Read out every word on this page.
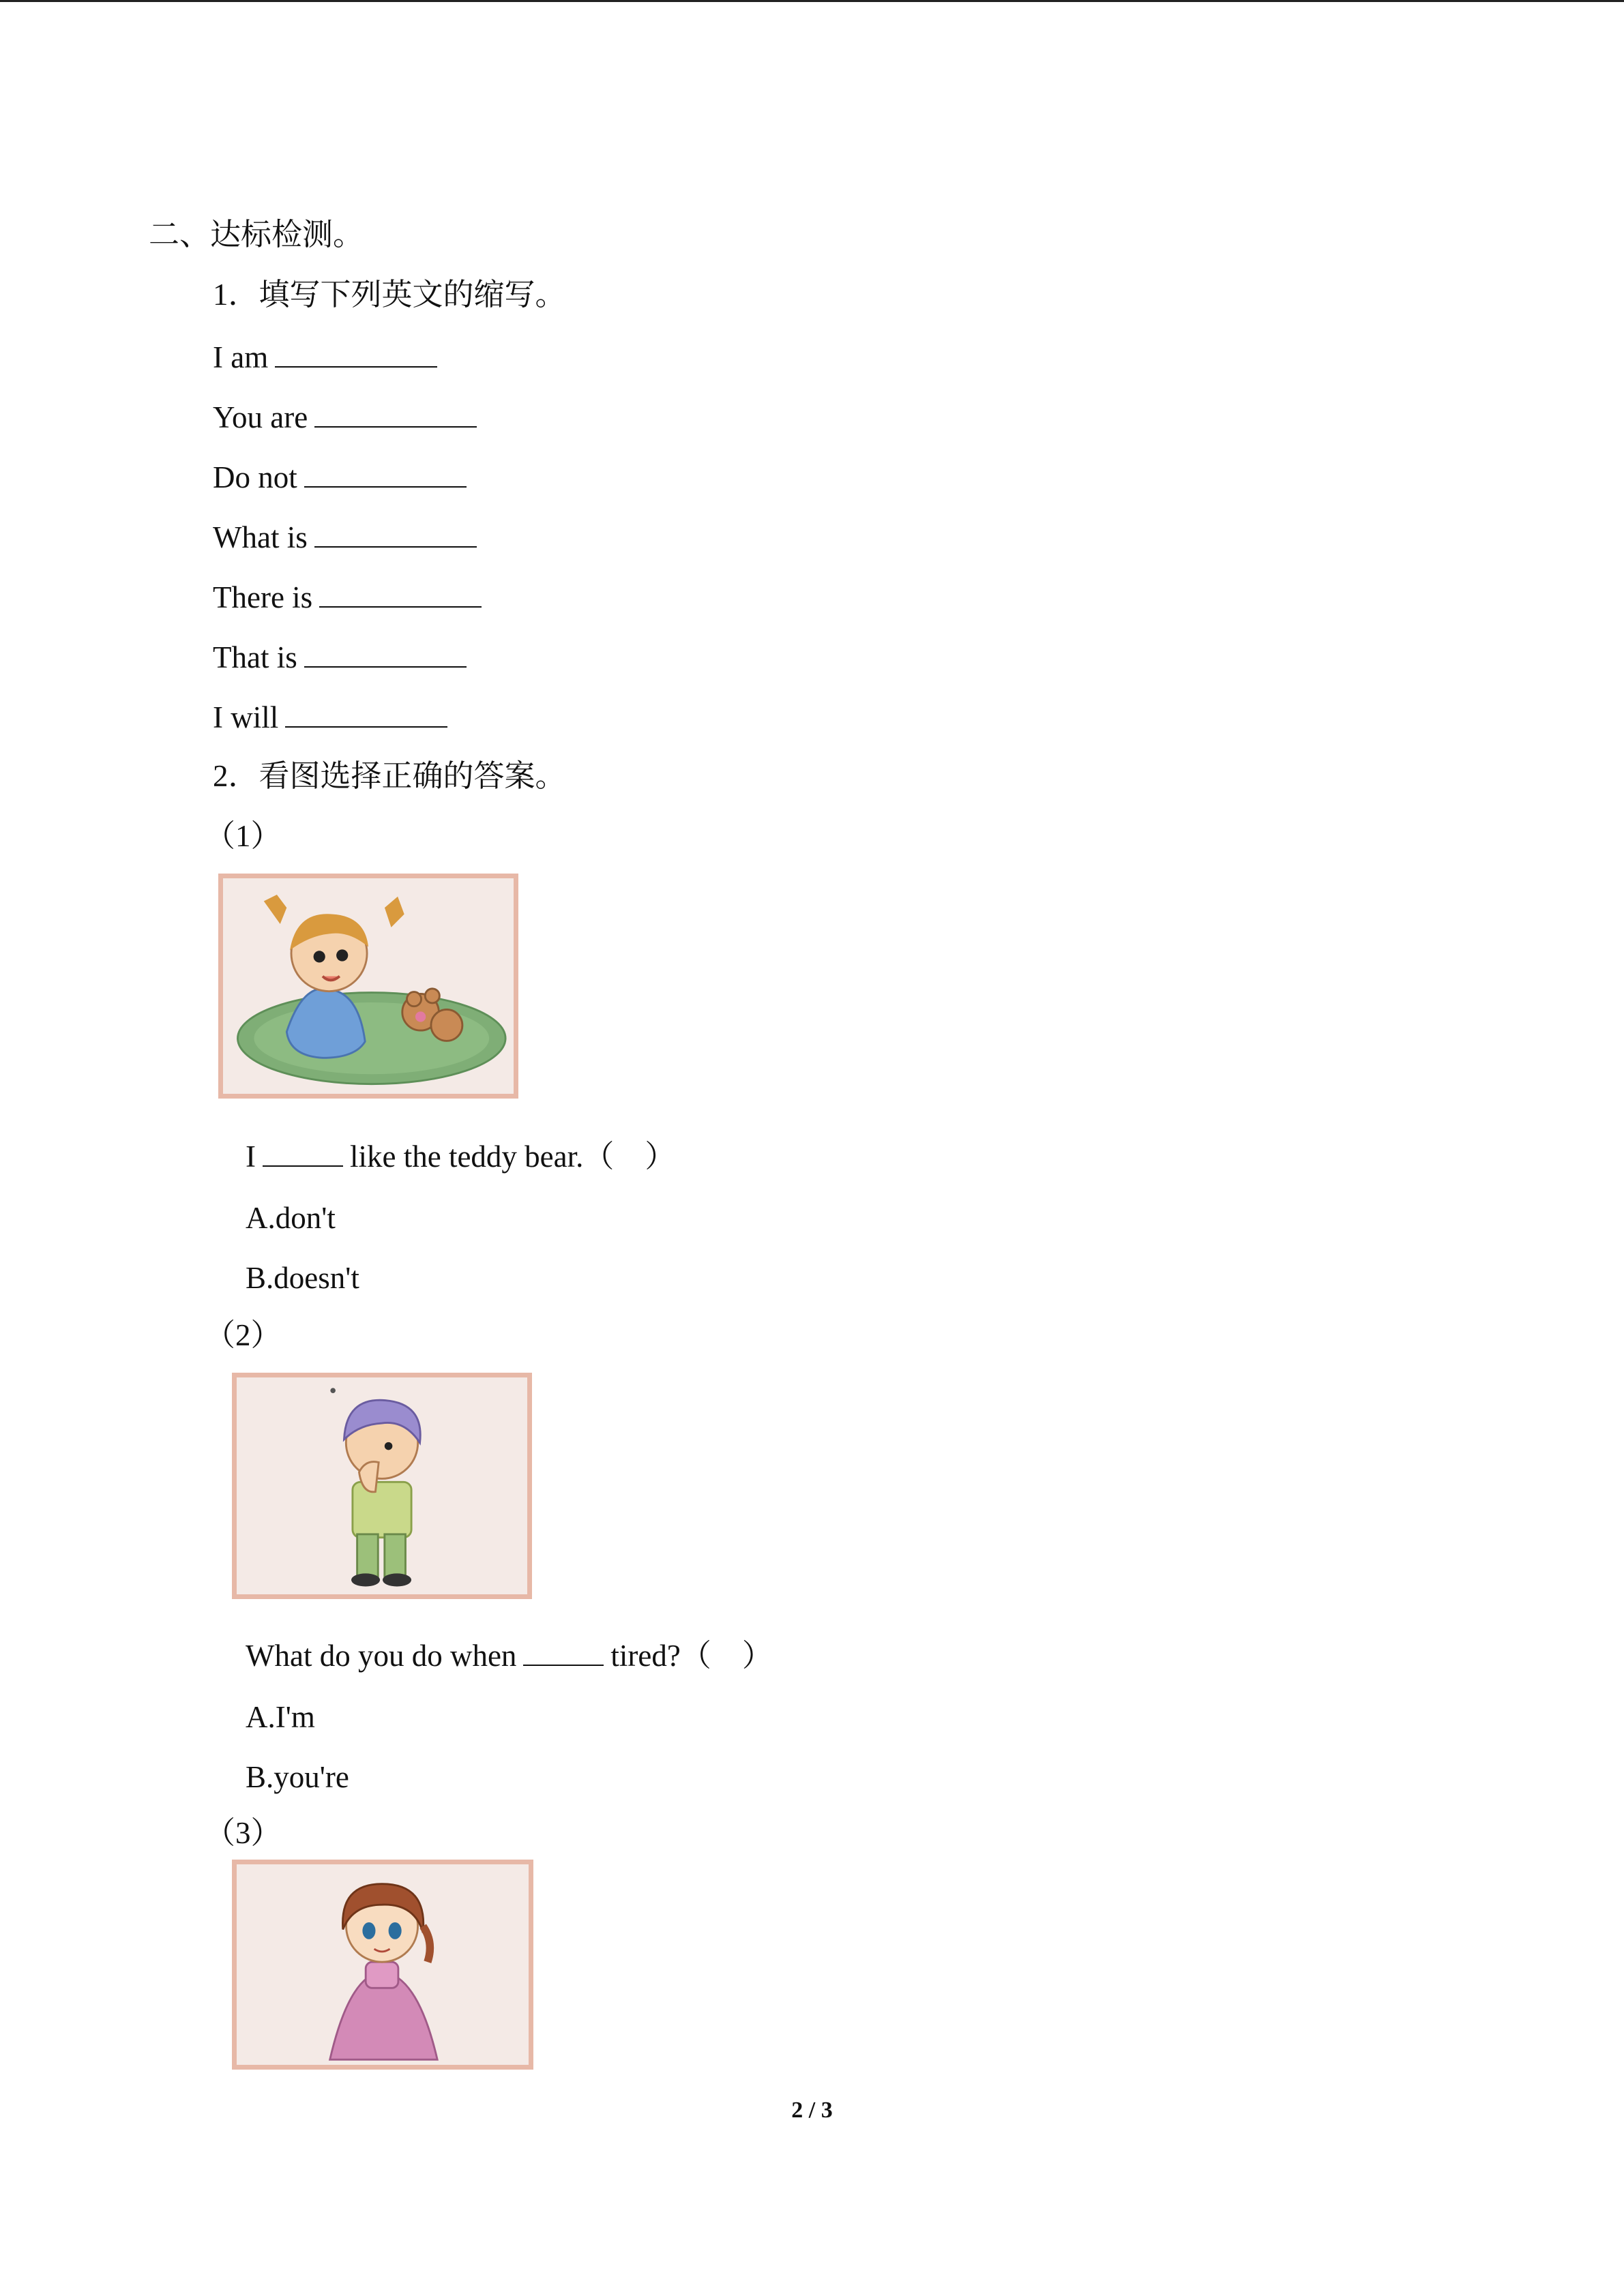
二、达标检测。
1．填写下列英文的缩写。
I am
You are
Do not
What is
There is
That is
I will
2．看图选择正确的答案。
（1）
I	like the teddy bear.（　）
A.don't
B.doesn't
（2）
What do you do when	tired?（　）
A.I'm
B.you're
（3）
2 / 3
